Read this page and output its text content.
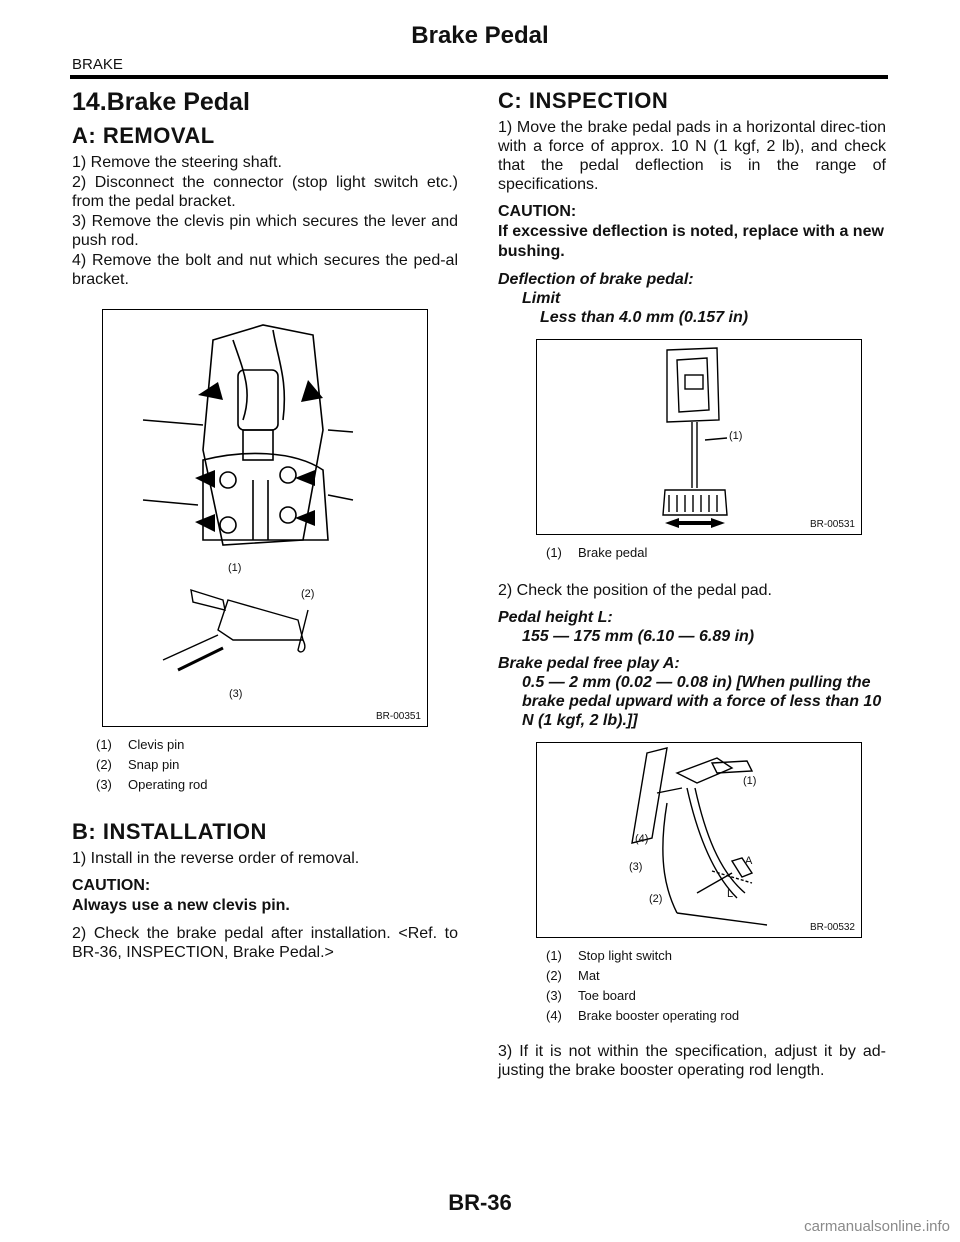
Brake Pedal
BRAKE
14.Brake Pedal
A: REMOVAL
1) Remove the steering shaft.
2) Disconnect the connector (stop light switch etc.) from the pedal bracket.
3) Remove the clevis pin which secures the lever and push rod.
4) Remove the bolt and nut which secures the ped-al bracket.
(1)
(2)
(3)
BR-00351
(1) Clevis pin
(2) Snap pin
(3) Operating rod
B: INSTALLATION
1) Install in the reverse order of removal.
CAUTION:
Always use a new clevis pin.
2) Check the brake pedal after installation. <Ref. to BR-36, INSPECTION, Brake Pedal.>
C: INSPECTION
1) Move the brake pedal pads in a horizontal direc-tion with a force of approx. 10 N (1 kgf, 2 lb), and check that the pedal deflection is in the range of specifications.
CAUTION:
If excessive deflection is noted, replace with a new bushing.
Deflection of brake pedal:
Limit
Less than 4.0 mm (0.157 in)
(1)
BR-00531
(1) Brake pedal
2) Check the position of the pedal pad.
Pedal height L:
155 — 175 mm (6.10 — 6.89 in)
Brake pedal free play A:
0.5 — 2 mm (0.02 — 0.08 in) [When pulling the brake pedal upward with a force of less than 10 N (1 kgf, 2 lb).]]
(1)
(4)
(3)
(2)
A
L
BR-00532
(1) Stop light switch
(2) Mat
(3) Toe board
(4) Brake booster operating rod
3) If it is not within the specification, adjust it by ad-justing the brake booster operating rod length.
BR-36
carmanualsonline.info
